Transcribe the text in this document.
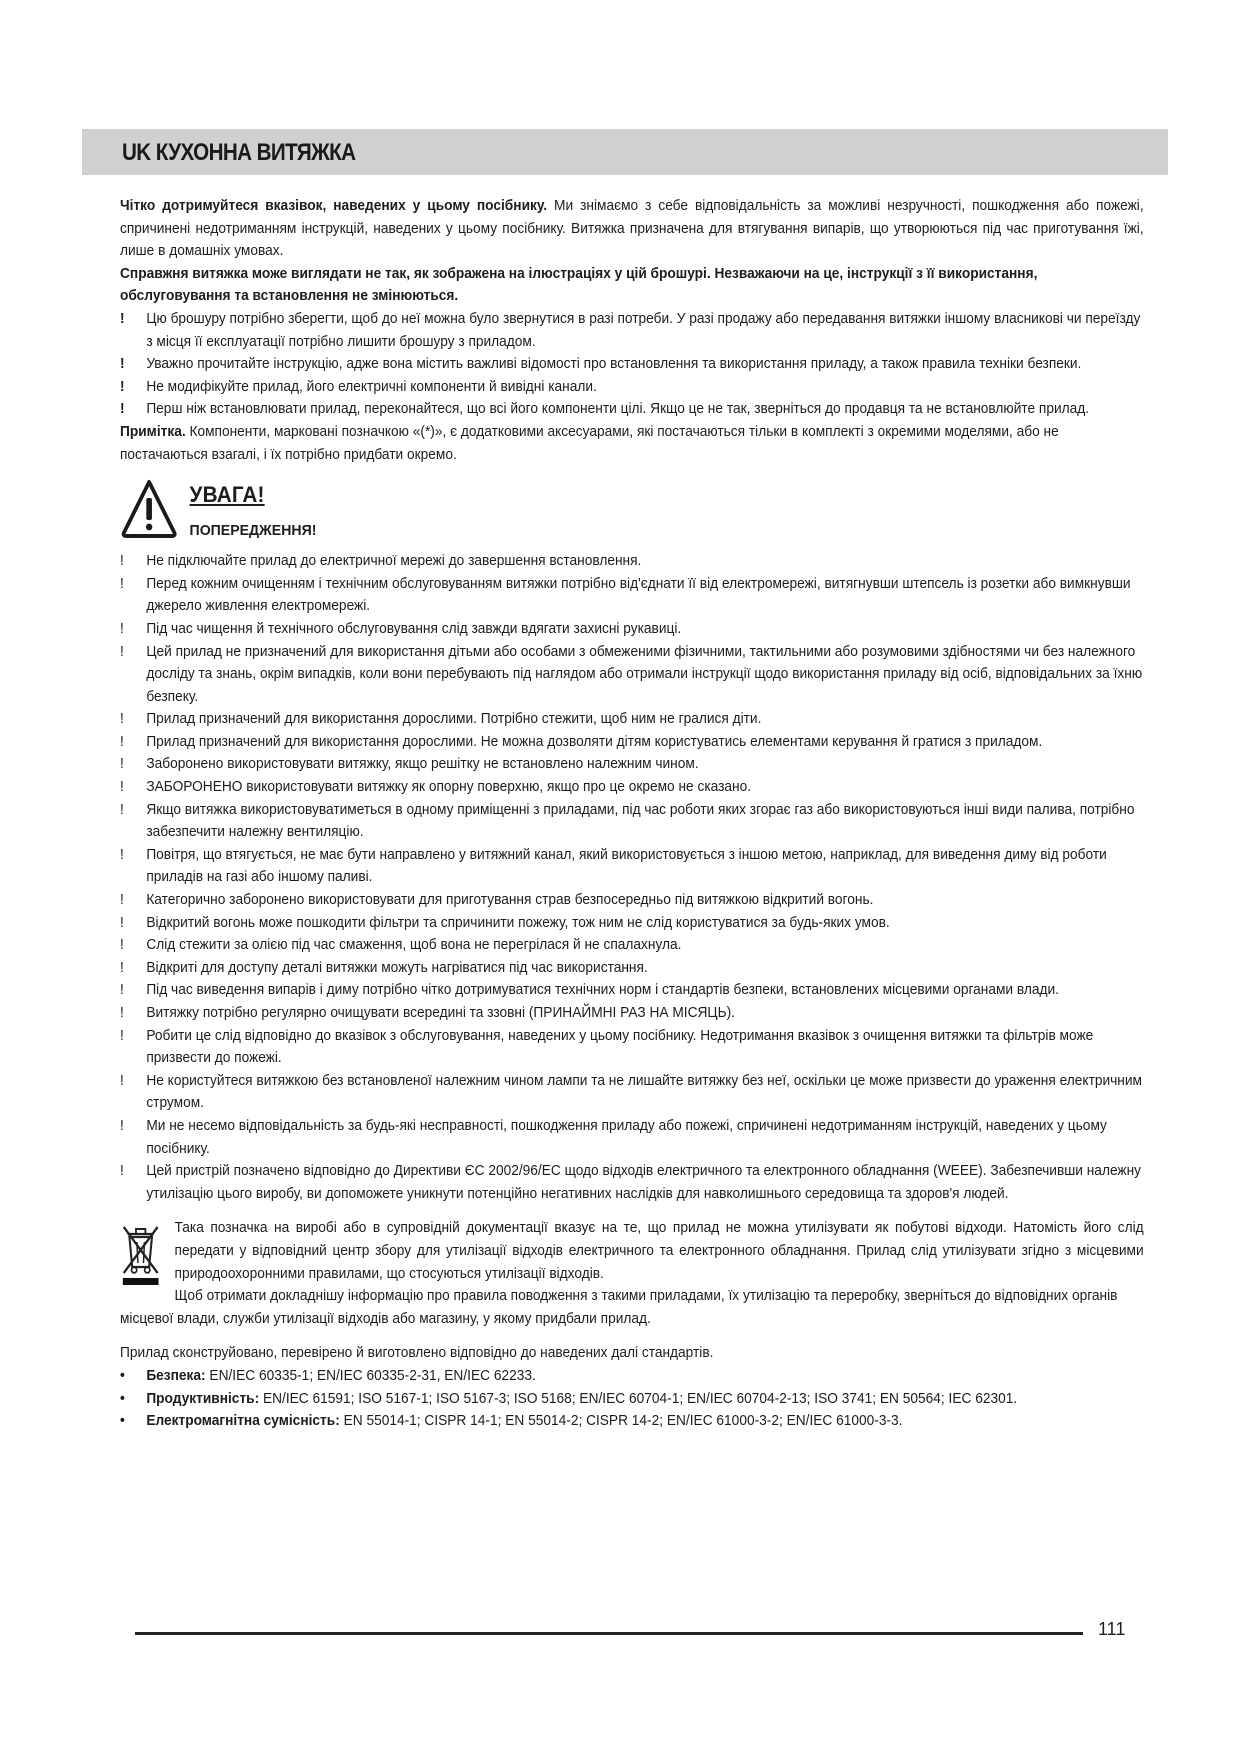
UK КУХОННА ВИТЯЖКА

Чітко дотримуйтеся вказівок, наведених у цьому посібнику. Ми знімаємо з себе відповідальність за можливі незручності, пошкодження або пожежі, спричинені недотриманням інструкцій, наведених у цьому посібнику. Витяжка призначена для втягування випарів, що утворюються під час приготування їжі, лише в домашніх умовах.

Справжня витяжка може виглядати не так, як зображена на ілюстраціях у цій брошурі. Незважаючи на це, інструкції з її використання, обслуговування та встановлення не змінюються.

! Цю брошуру потрібно зберегти, щоб до неї можна було звернутися в разі потреби. У разі продажу або передавання витяжки іншому власникові чи переїзду з місця її експлуатації потрібно лишити брошуру з приладом.
! Уважно прочитайте інструкцію, адже вона містить важливі відомості про встановлення та використання приладу, а також правила техніки безпеки.
! Не модифікуйте прилад, його електричні компоненти й вивідні канали.
! Перш ніж встановлювати прилад, переконайтеся, що всі його компоненти цілі. Якщо це не так, зверніться до продавця та не встановлюйте прилад.

Примітка. Компоненти, марковані позначкою «(*)», є додатковими аксесуарами, які постачаються тільки в комплекті з окремими моделями, або не постачаються взагалі, і їх потрібно придбати окремо.

УВАГА!
ПОПЕРЕДЖЕННЯ!
! Не підключайте прилад до електричної мережі до завершення встановлення.
! Перед кожним очищенням і технічним обслуговуванням витяжки потрібно від'єднати її від електромережі, витягнувши штепсель із розетки або вимкнувши джерело живлення електромережі.
! Під час чищення й технічного обслуговування слід завжди вдягати захисні рукавиці.
! Цей прилад не призначений для використання дітьми або особами з обмеженими фізичними, тактильними або розумовими здібностями чи без належного досліду та знань, окрім випадків, коли вони перебувають під наглядом або отримали інструкції щодо використання приладу від осіб, відповідальних за їхню безпеку.
! Прилад призначений для використання дорослими. Потрібно стежити, щоб ним не гралися діти.
! Прилад призначений для використання дорослими. Не можна дозволяти дітям користуватись елементами керування й гратися з приладом.
! Заборонено використовувати витяжку, якщо решітку не встановлено належним чином.
! ЗАБОРОНЕНО використовувати витяжку як опорну поверхню, якщо про це окремо не сказано.
! Якщо витяжка використовуватиметься в одному приміщенні з приладами, під час роботи яких згорає газ або використовуються інші види палива, потрібно забезпечити належну вентиляцію.
! Повітря, що втягується, не має бути направлено у витяжний канал, який використовується з іншою метою, наприклад, для виведення диму від роботи приладів на газі або іншому паливі.
! Категорично заборонено використовувати для приготування страв безпосередньо під витяжкою відкритий вогонь.
! Відкритий вогонь може пошкодити фільтри та спричинити пожежу, тож ним не слід користуватися за будь-яких умов.
! Слід стежити за олією під час смаження, щоб вона не перегрілася й не спалахнула.
! Відкриті для доступу деталі витяжки можуть нагріватися під час використання.
! Під час виведення випарів і диму потрібно чітко дотримуватися технічних норм і стандартів безпеки, встановлених місцевими органами влади.
! Витяжку потрібно регулярно очищувати всередині та ззовні (ПРИНАЙМНІ РАЗ НА МІСЯЦЬ).
! Робити це слід відповідно до вказівок з обслуговування, наведених у цьому посібнику. Недотримання вказівок з очищення витяжки та фільтрів може призвести до пожежі.
! Не користуйтеся витяжкою без встановленої належним чином лампи та не лишайте витяжку без неї, оскільки це може призвести до ураження електричним струмом.
! Ми не несемо відповідальність за будь-які несправності, пошкодження приладу або пожежі, спричинені недотриманням інструкцій, наведених у цьому посібнику.
! Цей пристрій позначено відповідно до Директиви ЄС 2002/96/ЕС щодо відходів електричного та електронного обладнання (WEEE). Забезпечивши належну утилізацію цього виробу, ви допоможете уникнути потенційно негативних наслідків для навколишнього середовища та здоров'я людей.

Така позначка на виробі або в супровідній документації вказує на те, що прилад не можна утилізувати як побутові відходи. Натомість його слід передати у відповідний центр збору для утилізації відходів електричного та електронного обладнання. Прилад слід утилізувати згідно з місцевими природоохоронними правилами, що стосуються утилізації відходів.

Щоб отримати докладнішу інформацію про правила поводження з такими приладами, їх утилізацію та переробку, зверніться до відповідних органів місцевої влади, служби утилізації відходів або магазину, у якому придбали прилад.

Прилад сконструйовано, перевірено й виготовлено відповідно до наведених далі стандартів.

• Безпека: EN/IEC 60335-1; EN/IEC 60335-2-31, EN/IEC 62233.
• Продуктивність: EN/IEC 61591; ISO 5167-1; ISO 5167-3; ISO 5168; EN/IEC 60704-1; EN/IEC 60704-2-13; ISO 3741; EN 50564; IEC 62301.
• Електромагнітна сумісність: EN 55014-1; CISPR 14-1; EN 55014-2; CISPR 14-2; EN/IEC 61000-3-2; EN/IEC 61000-3-3.
111
